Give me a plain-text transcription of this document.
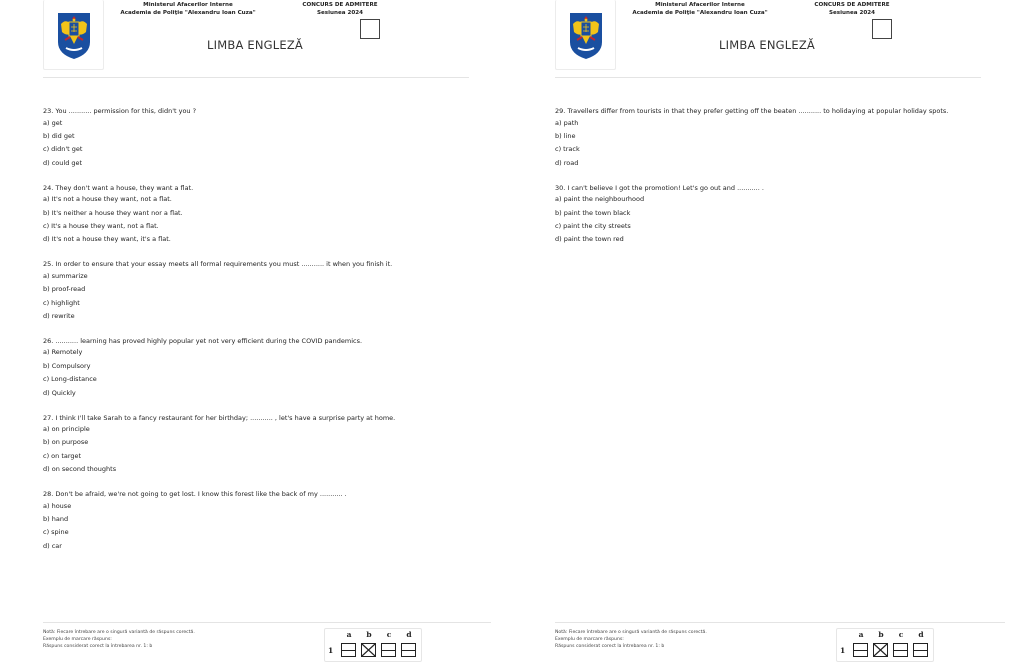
Ministerul Afacerilor Interne
Academia de Poliţie "Alexandru Ioan Cuza"
CONCURS DE ADMITERE
Sesiunea 2024
LIMBA ENGLEZĂ
23. You ........... permission for this, didn't you ?
a) get
b) did get
c) didn't get
d) could get
24. They don't want a house, they want a flat.
a) It's not a house they want, not a flat.
b) It's neither a house they want nor a flat.
c) It's a house they want, not a flat.
d) It's not a house they want, it's a flat.
25. In order to ensure that your essay meets all formal requirements you must ........... it when you finish it.
a) summarize
b) proof-read
c) highlight
d) rewrite
26. ........... learning has proved highly popular yet not very efficient during the COVID pandemics.
a) Remotely
b) Compulsory
c) Long-distance
d) Quickly
27. I think I'll take Sarah to a fancy restaurant for her birthday; ........... , let's have a surprise party at home.
a) on principle
b) on purpose
c) on target
d) on second thoughts
28. Don't be afraid, we're not going to get lost. I know this forest like the back of my ........... .
a) house
b) hand
c) spine
d) car
Notă: Fiecare întrebare are o singură variantă de răspuns corectă.
Exemplu de marcare răspuns:
Răspuns considerat corect la întrebarea nr. 1: b
a	b	c	d
1
Ministerul Afacerilor Interne
Academia de Poliţie "Alexandru Ioan Cuza"
CONCURS DE ADMITERE
Sesiunea 2024
LIMBA ENGLEZĂ
29. Travellers differ from tourists in that they prefer getting off the beaten ........... to holidaying at popular holiday spots.
a) path
b) line
c) track
d) road
30. I can't believe I got the promotion! Let's go out and ........... .
a) paint the neighbourhood
b) paint the town black
c) paint the city streets
d) paint the town red
Notă: Fiecare întrebare are o singură variantă de răspuns corectă.
Exemplu de marcare răspuns:
Răspuns considerat corect la întrebarea nr. 1: b
a	b	c	d
1
